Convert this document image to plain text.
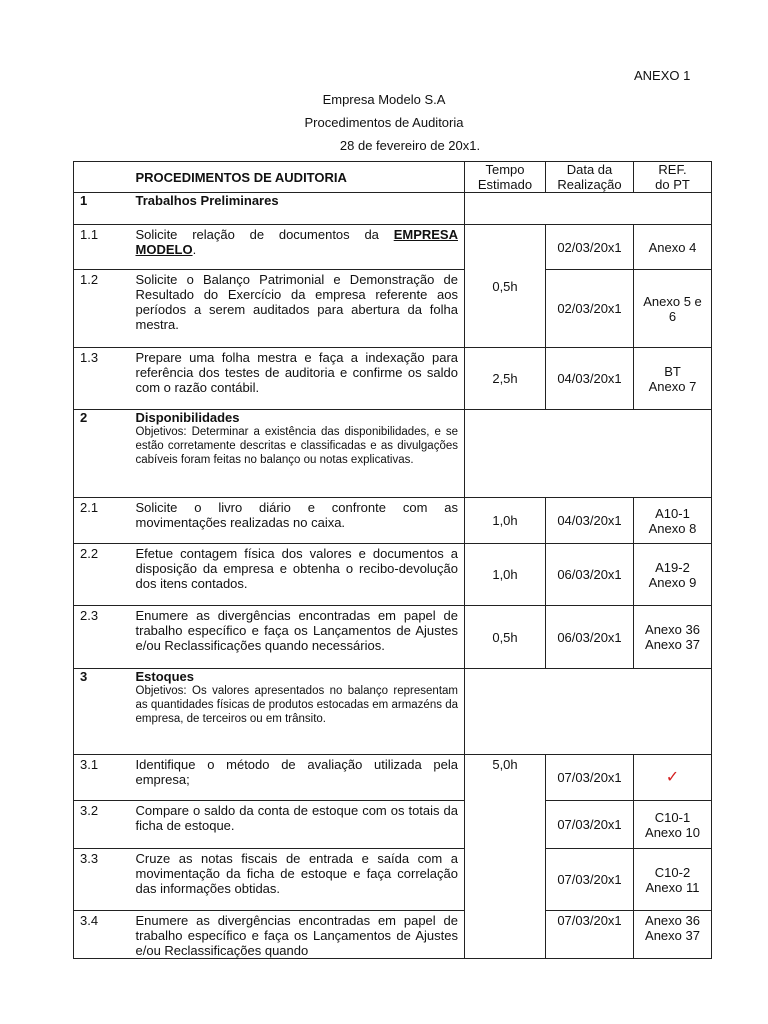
ANEXO 1
Empresa Modelo S.A
Procedimentos de Auditoria
28 de fevereiro de 20x1.
	PROCEDIMENTOS DE AUDITORIA	Tempo
Estimado	Data da
Realização	REF.
do PT
1	Trabalhos Preliminares			
1.1	Solicite relação de documentos da EMPRESA MODELO.	0,5h	02/03/20x1	Anexo 4
1.2	Solicite o Balanço Patrimonial e Demonstração de Resultado do Exercício da empresa referente aos períodos a serem auditados para abertura da folha mestra.		02/03/20x1	Anexo 5 e
6
1.3	Prepare uma folha mestra e faça a indexação para referência dos testes de auditoria e confirme os saldo com o razão contábil.	2,5h	04/03/20x1	BT
Anexo 7
2	Disponibilidades
Objetivos: Determinar a existência das disponibilidades, e se estão corretamente descritas e classificadas e as divulgações cabíveis foram feitas no balanço ou notas explicativas.			

2.1	Solicite o livro diário e confronte com as movimentações realizadas no caixa.	1,0h	04/03/20x1	A10-1
Anexo 8
2.2	Efetue contagem física dos valores e documentos a disposição da empresa e obtenha o recibo-devolução dos itens contados.	1,0h	06/03/20x1	A19-2
Anexo 9
2.3	Enumere as divergências encontradas em papel de trabalho específico e faça os Lançamentos de Ajustes e/ou Reclassificações quando necessários.	0,5h	06/03/20x1	Anexo 36
Anexo 37
3	Estoques
Objetivos: Os valores apresentados no balanço representam as quantidades físicas de produtos estocadas em armazéns da empresa, de terceiros ou em trânsito.			

3.1	Identifique o método de avaliação utilizada pela empresa;	5,0h	07/03/20x1	✓
3.2	Compare o saldo da conta de estoque com os totais da ficha de estoque.		07/03/20x1	C10-1
Anexo 10
3.3	Cruze as notas fiscais de entrada e saída com a movimentação da ficha de estoque e faça correlação das informações obtidas.		07/03/20x1	C10-2
Anexo 11
3.4	Enumere as divergências encontradas em papel de trabalho específico e faça os Lançamentos de Ajustes e/ou Reclassificações quando		07/03/20x1	Anexo 36
Anexo 37
